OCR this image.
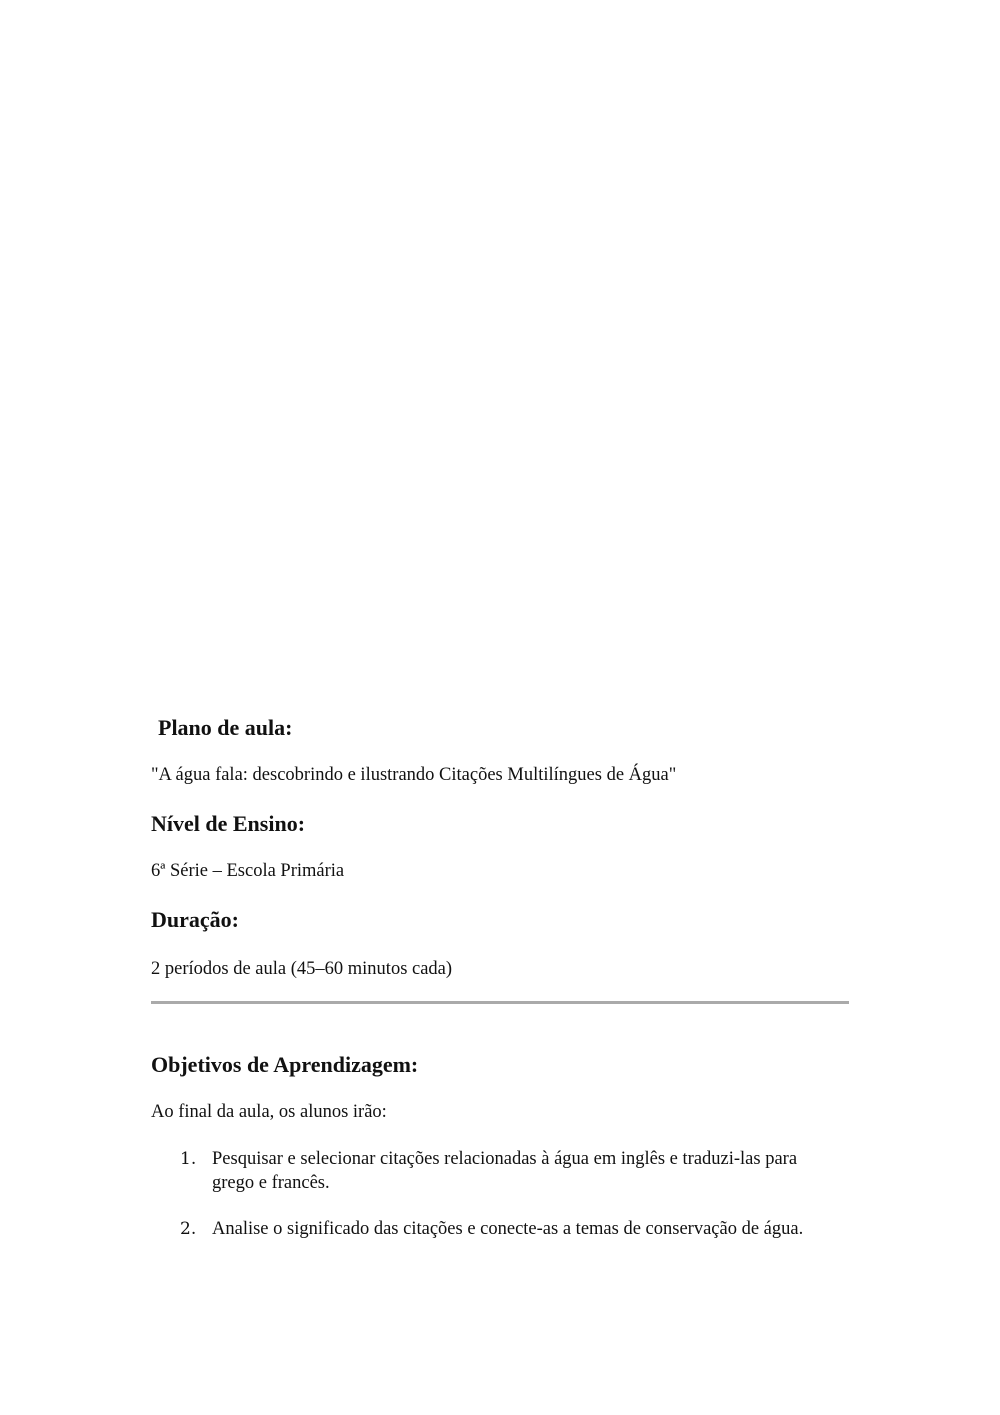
Plano de aula:
"A água fala: descobrindo e ilustrando Citações Multilíngues de Água"
Nível de Ensino:
6ª Série – Escola Primária
Duração:
2 períodos de aula (45–60 minutos cada)
Objetivos de Aprendizagem:
Ao final da aula, os alunos irão:
1. Pesquisar e selecionar citações relacionadas à água em inglês e traduzi-las para grego e francês.
2. Analise o significado das citações e conecte-as a temas de conservação de água.
